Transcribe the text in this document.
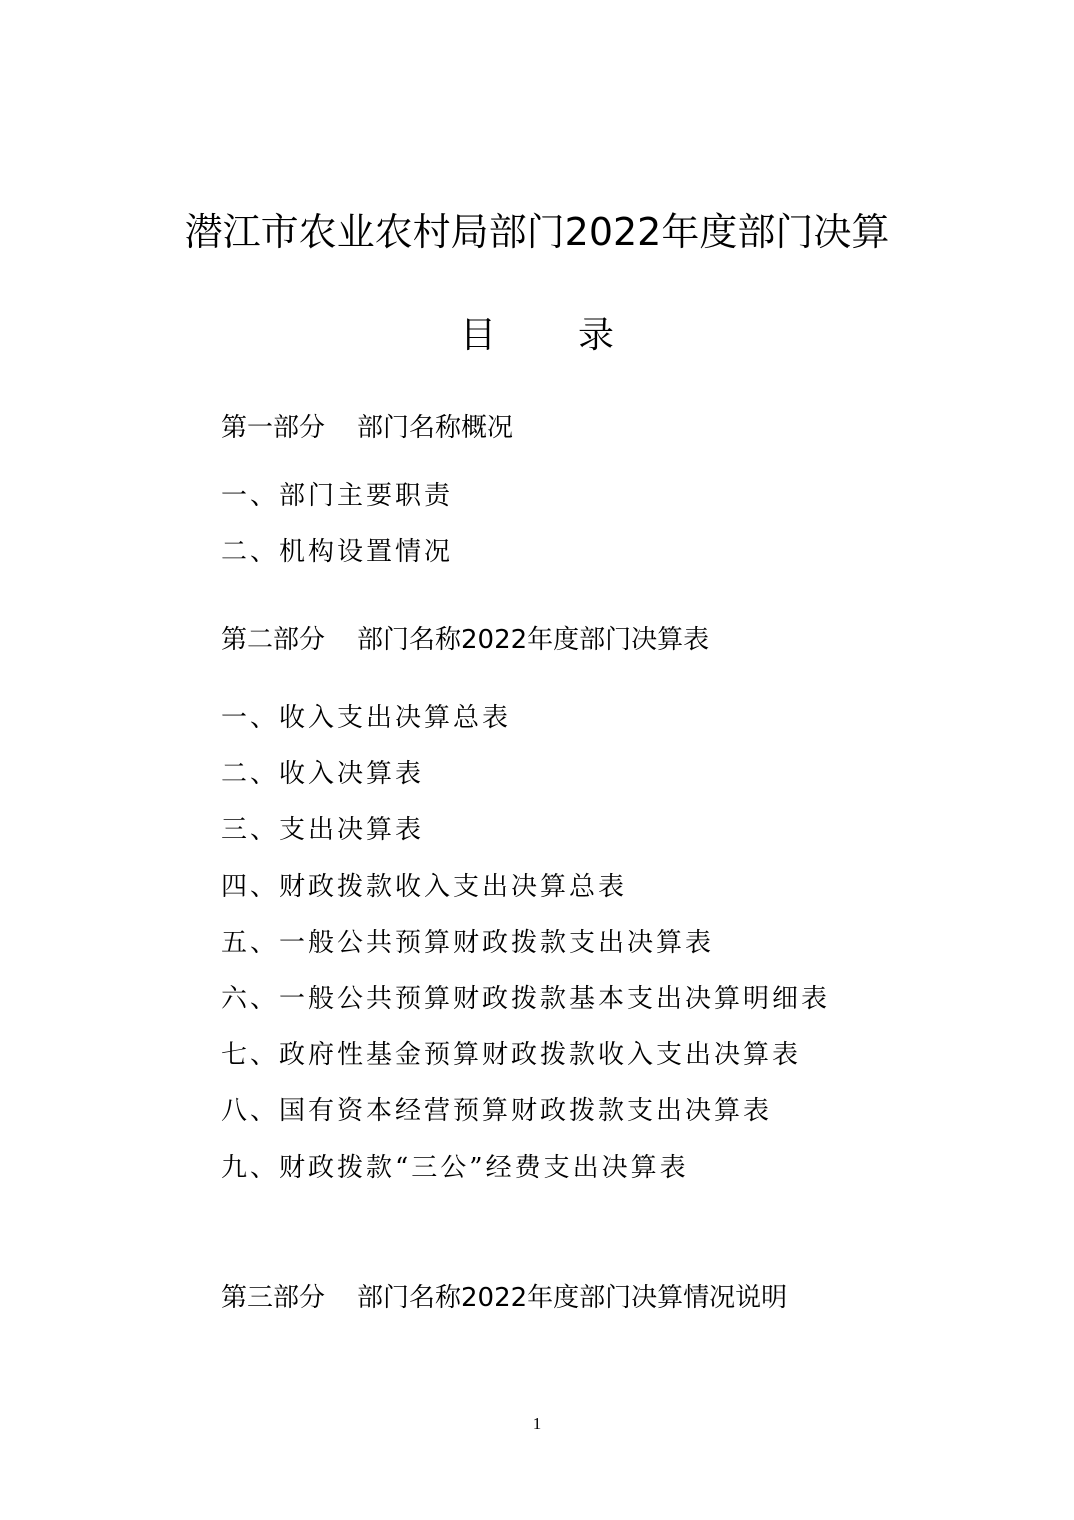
潜江市农业农村局部门2022年度部门决算
目 录
第一部分 部门名称概况
一、部门主要职责
二、机构设置情况
第二部分 部门名称2022年度部门决算表
一、收入支出决算总表
二、收入决算表
三、支出决算表
四、财政拨款收入支出决算总表
五、一般公共预算财政拨款支出决算表
六、一般公共预算财政拨款基本支出决算明细表
七、政府性基金预算财政拨款收入支出决算表
八、国有资本经营预算财政拨款支出决算表
九、财政拨款“三公”经费支出决算表
第三部分 部门名称2022年度部门决算情况说明
1
